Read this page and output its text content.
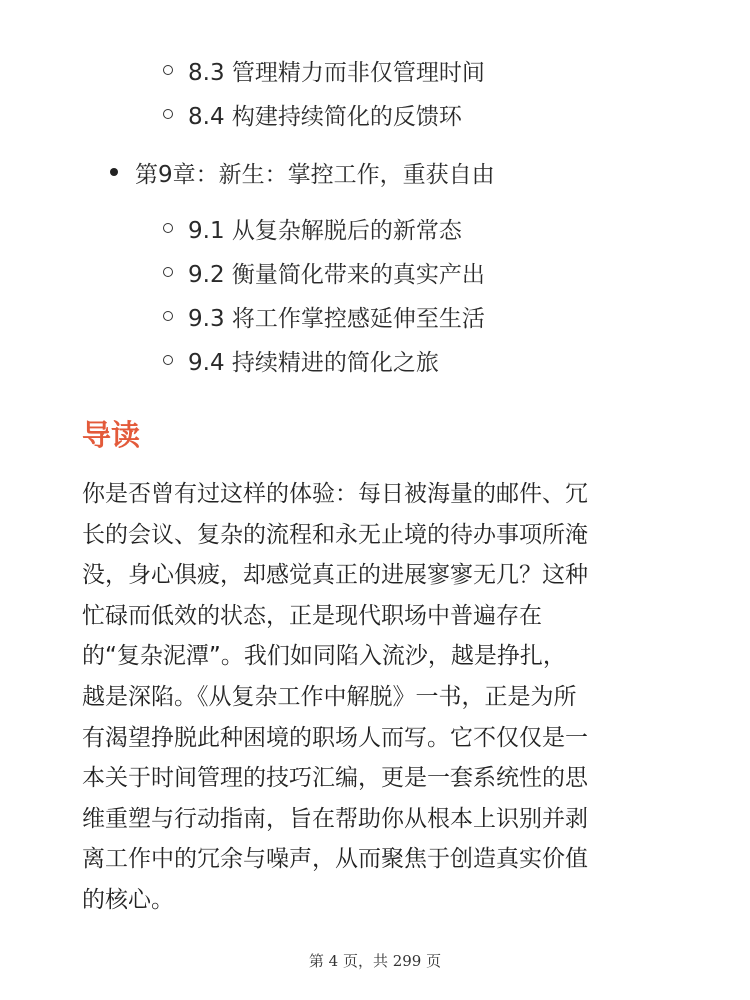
8.3 管理精力而非仅管理时间
8.4 构建持续简化的反馈环
第9章：新生：掌控工作，重获自由
9.1 从复杂解脱后的新常态
9.2 衡量简化带来的真实产出
9.3 将工作掌控感延伸至生活
9.4 持续精进的简化之旅
导读
你是否曾有过这样的体验：每日被海量的邮件、冗
长的会议、复杂的流程和永无止境的待办事项所淹
没，身心俱疲，却感觉真正的进展寥寥无几？这种
忙碌而低效的状态，正是现代职场中普遍存在
的“复杂泥潭”。我们如同陷入流沙，越是挣扎，
越是深陷。《从复杂工作中解脱》一书，正是为所
有渴望挣脱此种困境的职场人而写。它不仅仅是一
本关于时间管理的技巧汇编，更是一套系统性的思
维重塑与行动指南，旨在帮助你从根本上识别并剥
离工作中的冗余与噪声，从而聚焦于创造真实价值
的核心。
第 4 页，共 299 页
